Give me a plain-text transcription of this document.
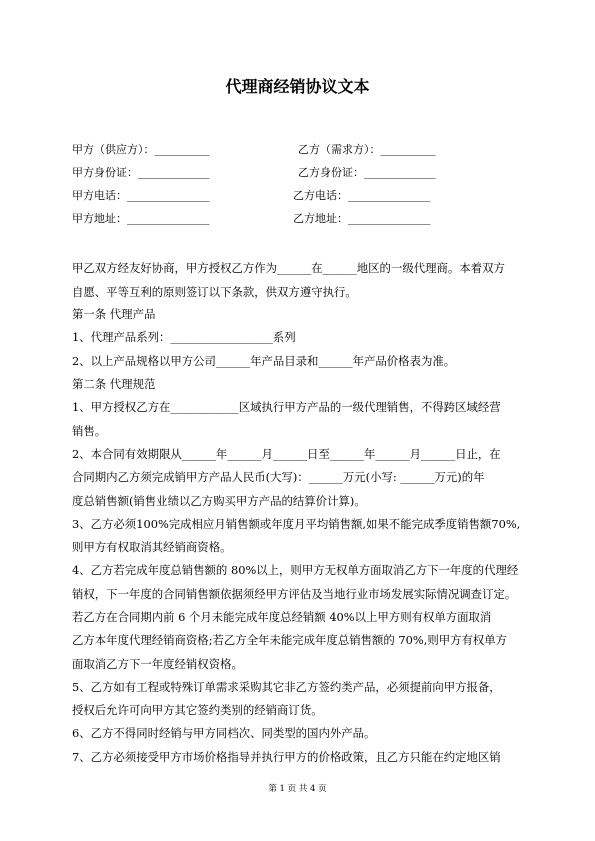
代理商经销协议文本
甲方（供应方）：__________	乙方（需求方）：__________
甲方身份证：_____________	乙方身份证：_____________
甲方电话：_______________	乙方电话：_______________
甲方地址：_______________	乙方地址：_______________
甲乙双方经友好协商，甲方授权乙方作为______在______地区的一级代理商。本着双方
自愿、平等互利的原则签订以下条款，供双方遵守执行。
第一条 代理产品
1、代理产品系列：__________________系列
2、以上产品规格以甲方公司______年产品目录和______年产品价格表为准。
第二条 代理规范
1、甲方授权乙方在____________区域执行甲方产品的一级代理销售，不得跨区域经营
销售。
2、本合同有效期限从______年______月______日至______年______月______日止，在
合同期内乙方须完成销甲方产品人民币(大写)：______万元(小写: ______万元)的年
度总销售额(销售业绩以乙方购买甲方产品的结算价计算)。
3、乙方必须100%完成相应月销售额或年度月平均销售额,如果不能完成季度销售额70%,
则甲方有权取消其经销商资格。
4、乙方若完成年度总销售额的 80%以上，则甲方无权单方面取消乙方下一年度的代理经
销权，下一年度的合同销售额依据须经甲方评估及当地行业市场发展实际情况调查订定。
若乙方在合同期内前 6 个月未能完成年度总经销额 40%以上甲方则有权单方面取消
乙方本年度代理经销商资格;若乙方全年未能完成年度总销售额的 70%,则甲方有权单方
面取消乙方下一年度经销权资格。
5、乙方如有工程或特殊订单需求采购其它非乙方签约类产品，必须提前向甲方报备，
授权后允许可向甲方其它签约类别的经销商订货。
6、乙方不得同时经销与甲方同档次、同类型的国内外产品。
7、乙方必须接受甲方市场价格指导并执行甲方的价格政策，且乙方只能在约定地区销
第 1 页 共 4 页
